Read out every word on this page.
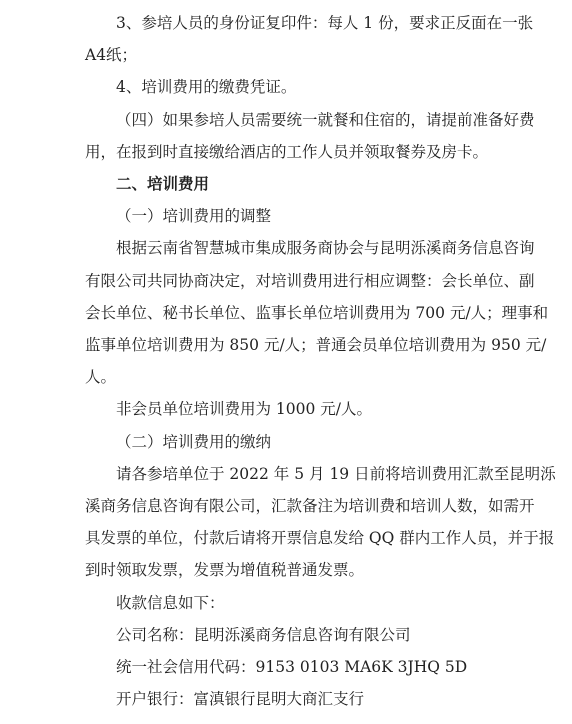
3、参培人员的身份证复印件：每人 1 份，要求正反面在一张
A4纸；
4、培训费用的缴费凭证。
（四）如果参培人员需要统一就餐和住宿的，请提前准备好费
用，在报到时直接缴给酒店的工作人员并领取餐券及房卡。
二、培训费用
（一）培训费用的调整
根据云南省智慧城市集成服务商协会与昆明泺溪商务信息咨询
有限公司共同协商决定，对培训费用进行相应调整：会长单位、副
会长单位、秘书长单位、监事长单位培训费用为 700 元/人；理事和
监事单位培训费用为 850 元/人；普通会员单位培训费用为 950 元/
人。
非会员单位培训费用为 1000 元/人。
（二）培训费用的缴纳
请各参培单位于 2022 年 5 月 19 日前将培训费用汇款至昆明泺
溪商务信息咨询有限公司，汇款备注为培训费和培训人数，如需开
具发票的单位，付款后请将开票信息发给 QQ 群内工作人员，并于报
到时领取发票，发票为增值税普通发票。
收款信息如下：
公司名称：昆明泺溪商务信息咨询有限公司
统一社会信用代码：9153 0103 MA6K 3JHQ 5D
开户银行：富滇银行昆明大商汇支行
